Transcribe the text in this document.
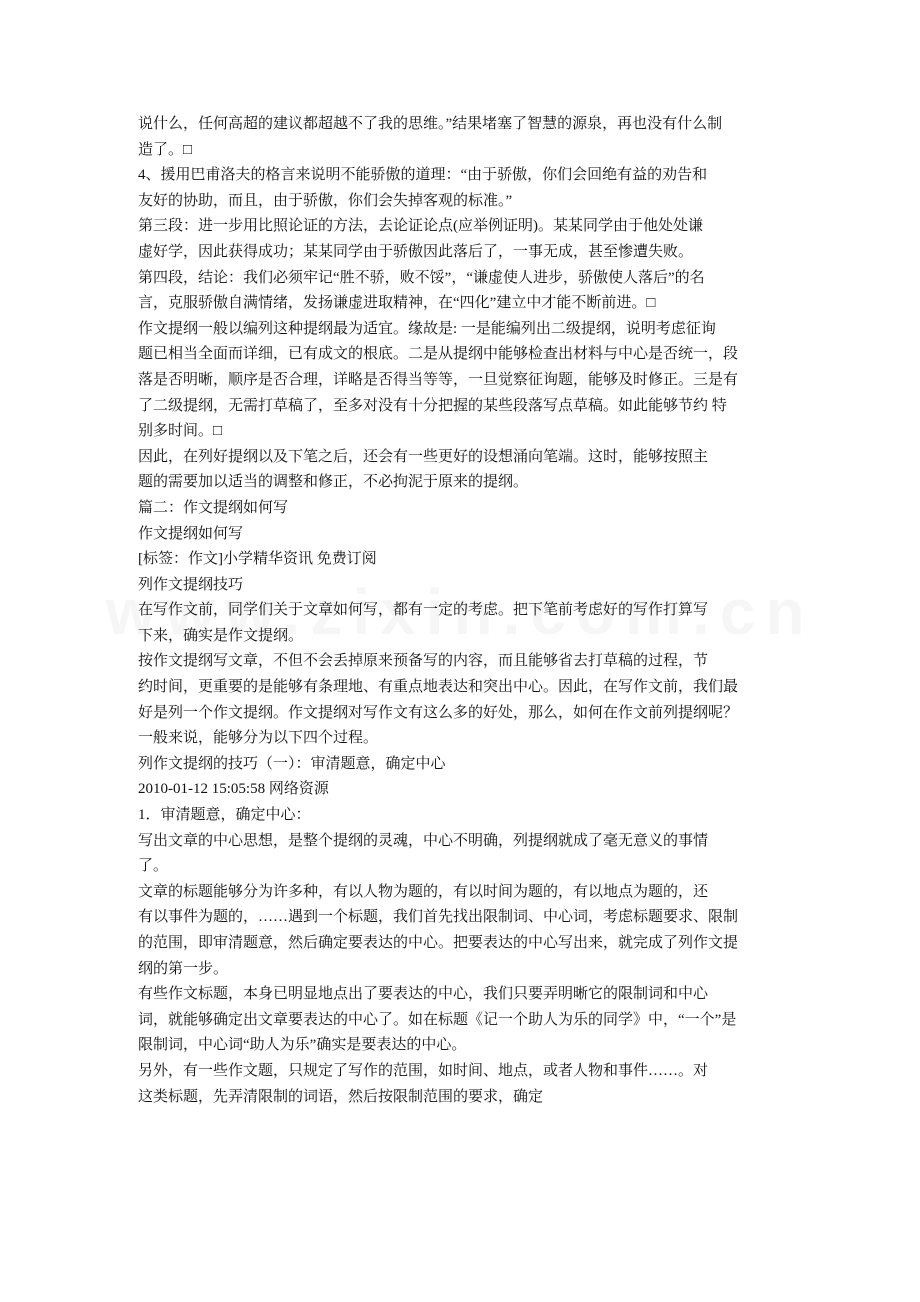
说什么，任何高超的建议都超越不了我的思维。”结果堵塞了智慧的源泉，再也没有什么制
造了。□
4、援用巴甫洛夫的格言来说明不能骄傲的道理：“由于骄傲，你们会回绝有益的劝告和
友好的协助，而且，由于骄傲，你们会失掉客观的标准。”
第三段：进一步用比照论证的方法，去论证论点(应举例证明)。某某同学由于他处处谦
虚好学，因此获得成功；某某同学由于骄傲因此落后了，一事无成，甚至惨遭失败。
第四段，结论：我们必须牢记“胜不骄，败不馁”，“谦虚使人进步，骄傲使人落后”的名
言，克服骄傲自满情绪，发扬谦虚进取精神，在“四化”建立中才能不断前进。□
作文提纲一般以编列这种提纲最为适宜。缘故是: 一是能编列出二级提纲，说明考虑征询
题已相当全面而详细，已有成文的根底。二是从提纲中能够检查出材料与中心是否统一，段
落是否明晰，顺序是否合理，详略是否得当等等，一旦觉察征询题，能够及时修正。三是有
了二级提纲，无需打草稿了，至多对没有十分把握的某些段落写点草稿。如此能够节约 特
别多时间。□
因此，在列好提纲以及下笔之后，还会有一些更好的设想涌向笔端。这时，能够按照主
题的需要加以适当的调整和修正，不必拘泥于原来的提纲。
篇二：作文提纲如何写
作文提纲如何写
[标签：作文]小学精华资讯 免费订阅
列作文提纲技巧
在写作文前，同学们关于文章如何写，都有一定的考虑。把下笔前考虑好的写作打算写
下来，确实是作文提纲。
按作文提纲写文章，不但不会丢掉原来预备写的内容，而且能够省去打草稿的过程，节
约时间，更重要的是能够有条理地、有重点地表达和突出中心。因此，在写作文前，我们最
好是列一个作文提纲。作文提纲对写作文有这么多的好处，那么，如何在作文前列提纲呢？
一般来说，能够分为以下四个过程。
列作文提纲的技巧（一）：审清题意，确定中心
2010-01-12 15:05:58 网络资源
1．审清题意，确定中心：
写出文章的中心思想，是整个提纲的灵魂，中心不明确，列提纲就成了毫无意义的事情
了。
文章的标题能够分为许多种，有以人物为题的，有以时间为题的，有以地点为题的，还
有以事件为题的，……遇到一个标题，我们首先找出限制词、中心词，考虑标题要求、限制
的范围，即审清题意，然后确定要表达的中心。把要表达的中心写出来，就完成了列作文提
纲的第一步。
有些作文标题，本身已明显地点出了要表达的中心，我们只要弄明晰它的限制词和中心
词，就能够确定出文章要表达的中心了。如在标题《记一个助人为乐的同学》中，“一个”是
限制词，中心词“助人为乐”确实是要表达的中心。
另外，有一些作文题，只规定了写作的范围，如时间、地点，或者人物和事件……。对
这类标题，先弄清限制的词语，然后按限制范围的要求，确定
